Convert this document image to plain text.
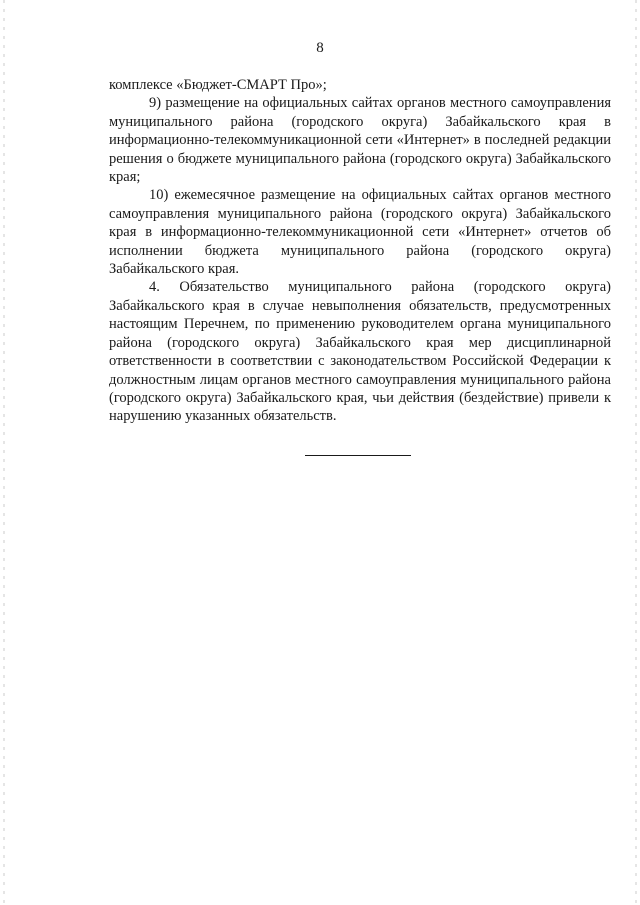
8

комплексе «Бюджет-СМАРТ Про»;

9) размещение на официальных сайтах органов местного самоуправления муниципального района (городского округа) Забайкальского края в информационно-телекоммуникационной сети «Интернет» в последней редакции решения о бюджете муниципального района (городского округа) Забайкальского края;

10) ежемесячное размещение на официальных сайтах органов местного самоуправления муниципального района (городского округа) Забайкальского края в информационно-телекоммуникационной сети «Интернет» отчетов об исполнении бюджета муниципального района (городского округа) Забайкальского края.

4. Обязательство муниципального района (городского округа) Забайкальского края в случае невыполнения обязательств, предусмотренных настоящим Перечнем, по применению руководителем органа муниципального района (городского округа) Забайкальского края мер дисциплинарной ответственности в соответствии с законодательством Российской Федерации к должностным лицам органов местного самоуправления муниципального района (городского округа) Забайкальского края, чьи действия (бездействие) привели к нарушению указанных обязательств.
